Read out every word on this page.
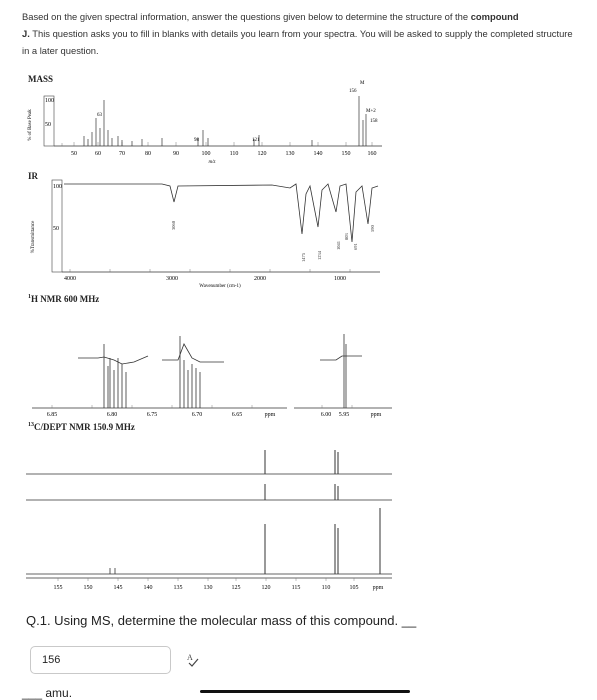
Based on the given spectral information, answer the questions given below to determine the structure of the compound
J. This question asks you to fill in blanks with details you learn from your spectra. You will be asked to supply the completed structure in a later question.
MASS
% of Base Peak
100
50
63
98	121
156
M
M+2
158
50	60	70	80	90	100	110	120	130	140	150	160
m/z
IR
%Transmittance
100
50	3060
1475 1234
1041
803
691
590
4000	3000	2000	1000
Wavenumber (cm-1)
$^1$H NMR 600 MHz
6.85	6.80	6.75	6.70	6.65	ppm	6.00 5.95	ppm
$^{13}$C/DEPT NMR 150.9 MHz
155	150	145	140	135	130	125	120	115	110	105 ppm
Q.1. Using MS, determine the molecular mass of this compound. __
156
A
___ amu.
